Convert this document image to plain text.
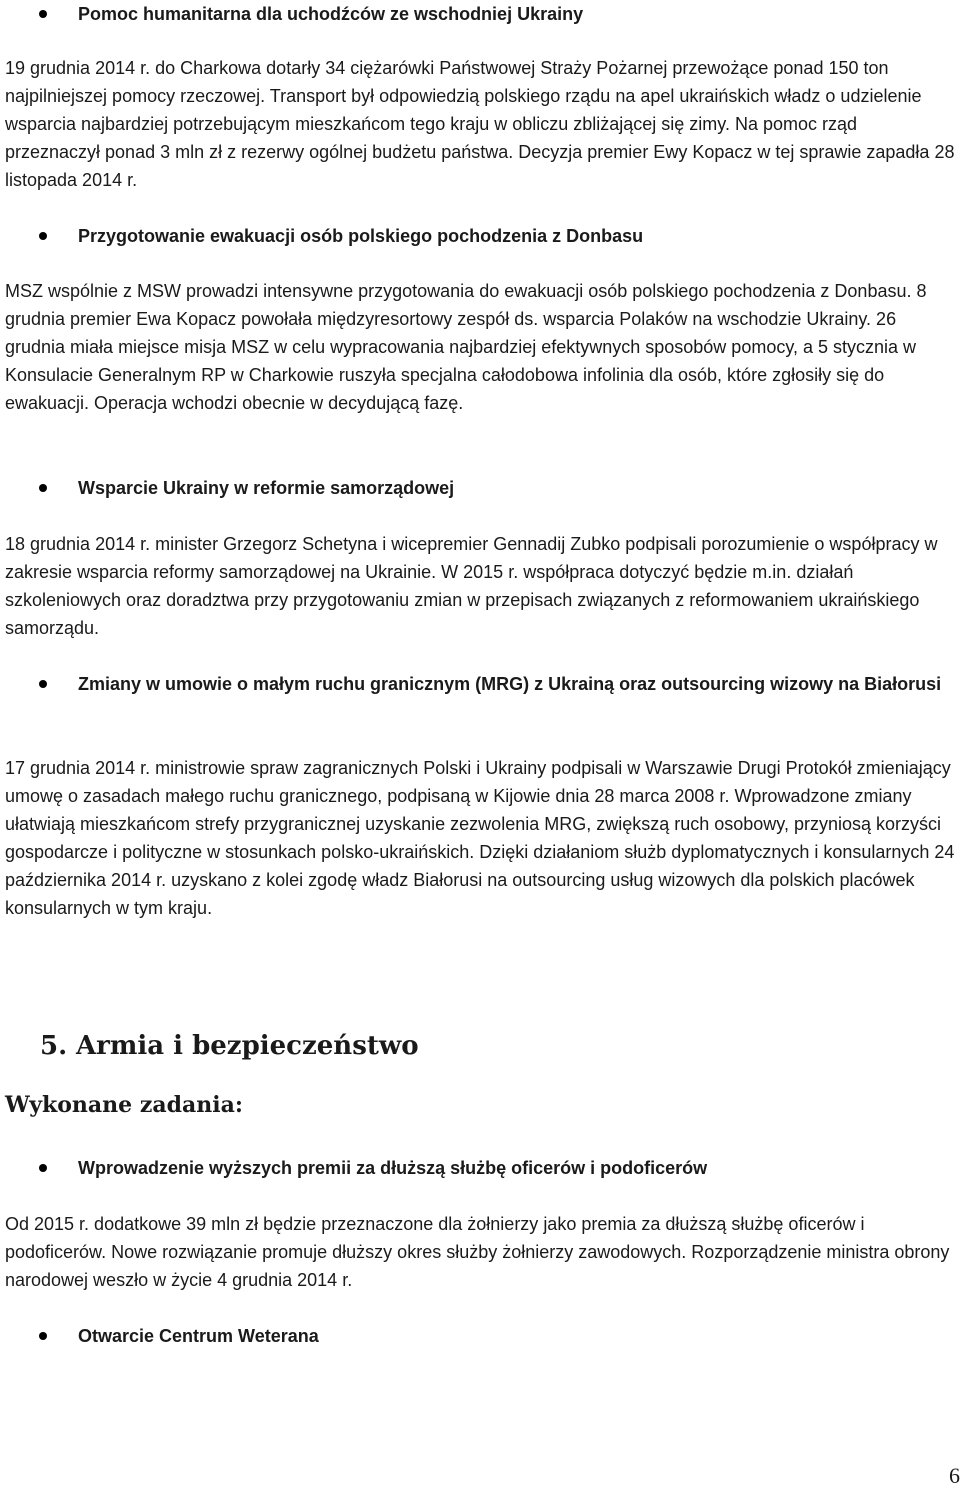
Pomoc humanitarna dla uchodźców ze wschodniej Ukrainy
19 grudnia 2014 r. do Charkowa dotarły 34 ciężarówki Państwowej Straży Pożarnej przewożące ponad 150 ton najpilniejszej pomocy rzeczowej. Transport był odpowiedzią polskiego rządu na apel ukraińskich władz o udzielenie wsparcia najbardziej potrzebującym mieszkańcom tego kraju w obliczu zbliżającej się zimy. Na pomoc rząd przeznaczył ponad 3 mln zł z rezerwy ogólnej budżetu państwa. Decyzja premier Ewy Kopacz w tej sprawie zapadła 28 listopada 2014 r.
Przygotowanie ewakuacji osób polskiego pochodzenia z Donbasu
MSZ wspólnie z MSW prowadzi intensywne przygotowania do ewakuacji osób polskiego pochodzenia z Donbasu. 8 grudnia premier Ewa Kopacz powołała międzyresortowy zespół ds. wsparcia Polaków na wschodzie Ukrainy. 26 grudnia miała miejsce misja MSZ w celu wypracowania najbardziej efektywnych sposobów pomocy, a 5 stycznia w Konsulacie Generalnym RP w Charkowie ruszyła specjalna całodobowa infolinia dla osób, które zgłosiły się do ewakuacji. Operacja wchodzi obecnie w decydującą fazę.
Wsparcie Ukrainy w reformie samorządowej
18 grudnia 2014 r. minister Grzegorz Schetyna i wicepremier Gennadij Zubko podpisali porozumienie o współpracy w zakresie wsparcia reformy samorządowej na Ukrainie. W 2015 r. współpraca dotyczyć będzie m.in. działań szkoleniowych oraz doradztwa przy przygotowaniu zmian w przepisach związanych z reformowaniem ukraińskiego samorządu.
Zmiany w umowie o małym ruchu granicznym (MRG) z Ukrainą oraz outsourcing wizowy na Białorusi
17 grudnia 2014 r. ministrowie spraw zagranicznych Polski i Ukrainy podpisali w Warszawie Drugi Protokół zmieniający umowę o zasadach małego ruchu granicznego, podpisaną w Kijowie dnia 28 marca 2008 r. Wprowadzone zmiany ułatwiają mieszkańcom strefy przygranicznej uzyskanie zezwolenia MRG, zwiększą ruch osobowy, przyniosą korzyści gospodarcze i polityczne w stosunkach polsko-ukraińskich. Dzięki działaniom służb dyplomatycznych i konsularnych 24 października 2014 r. uzyskano z kolei zgodę władz Białorusi na outsourcing usług wizowych dla polskich placówek konsularnych w tym kraju.
5. Armia i bezpieczeństwo
Wykonane zadania:
Wprowadzenie wyższych premii za dłuższą służbę oficerów i podoficerów
Od 2015 r. dodatkowe 39 mln zł będzie przeznaczone dla żołnierzy jako premia za dłuższą służbę oficerów i podoficerów. Nowe rozwiązanie promuje dłuższy okres służby żołnierzy zawodowych. Rozporządzenie ministra obrony narodowej weszło w życie 4 grudnia 2014 r.
Otwarcie Centrum Weterana
6
